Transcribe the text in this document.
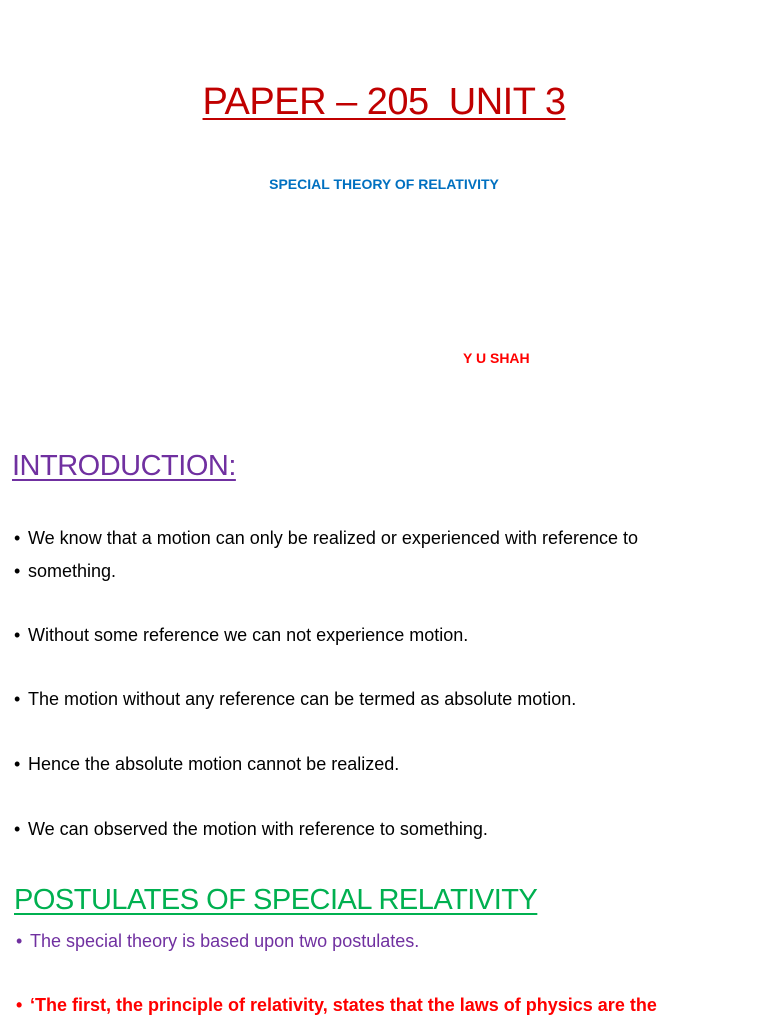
PAPER – 205  UNIT 3

SPECIAL THEORY OF RELATIVITY

Y U SHAH

INTRODUCTION:
• We know that a motion can only be realized or experienced with reference to
• something.
• Without some reference we can not experience motion.
• The motion without any reference can be termed as absolute motion.
• Hence the absolute motion cannot be realized.
• We can observed the motion with reference to something.
POSTULATES OF SPECIAL RELATIVITY
• The special theory is based upon two postulates.
• ‘The first, the principle of relativity, states that the laws of physics are the
